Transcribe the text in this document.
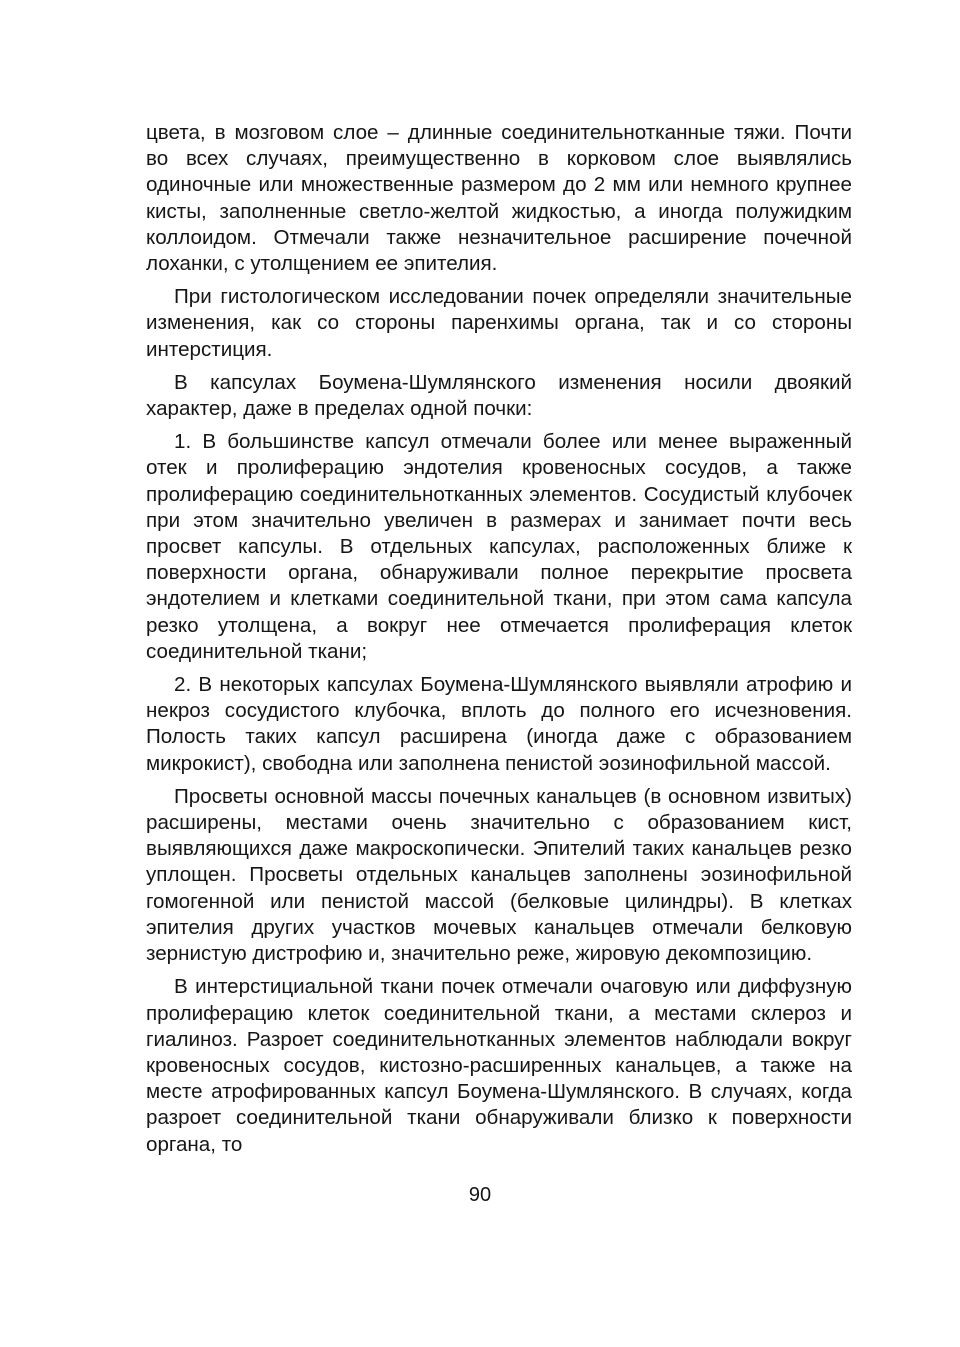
цвета, в мозговом слое – длинные соединительнотканные тяжи. Почти во всех случаях, преимущественно в корковом слое выявлялись одиночные или множественные размером до 2 мм или немного крупнее кисты, заполненные светло-желтой жидкостью, а иногда полужидким коллоидом. Отмечали также незначительное расширение почечной лоханки, с утолщением ее эпителия.

При гистологическом исследовании почек определяли значительные изменения, как со стороны паренхимы органа, так и со стороны интерстиция.

В капсулах Боумена-Шумлянского изменения носили двоякий характер, даже в пределах одной почки:

1. В большинстве капсул отмечали более или менее выраженный отек и пролиферацию эндотелия кровеносных сосудов, а также пролиферацию соединительнотканных элементов. Сосудистый клубочек при этом значительно увеличен в размерах и занимает почти весь просвет капсулы. В отдельных капсулах, расположенных ближе к поверхности органа, обнаруживали полное перекрытие просвета эндотелием и клетками соединительной ткани, при этом сама капсула резко утолщена, а вокруг нее отмечается пролиферация клеток соединительной ткани;

2. В некоторых капсулах Боумена-Шумлянского выявляли атрофию и некроз сосудистого клубочка, вплоть до полного его исчезновения. Полость таких капсул расширена (иногда даже с образованием микрокист), свободна или заполнена пенистой эозинофильной массой.

Просветы основной массы почечных канальцев (в основном извитых) расширены, местами очень значительно с образованием кист, выявляющихся даже макроскопически. Эпителий таких канальцев резко уплощен. Просветы отдельных канальцев заполнены эозинофильной гомогенной или пенистой массой (белковые цилиндры). В клетках эпителия других участков мочевых канальцев отмечали белковую зернистую дистрофию и, значительно реже, жировую декомпозицию.

В интерстициальной ткани почек отмечали очаговую или диффузную пролиферацию клеток соединительной ткани, а местами склероз и гиалиноз. Разроет соединительнотканных элементов наблюдали вокруг кровеносных сосудов, кистозно-расширенных канальцев, а также на месте атрофированных капсул Боумена-Шумлянского. В случаях, когда разроет соединительной ткани обнаруживали близко к поверхности органа, то

90
